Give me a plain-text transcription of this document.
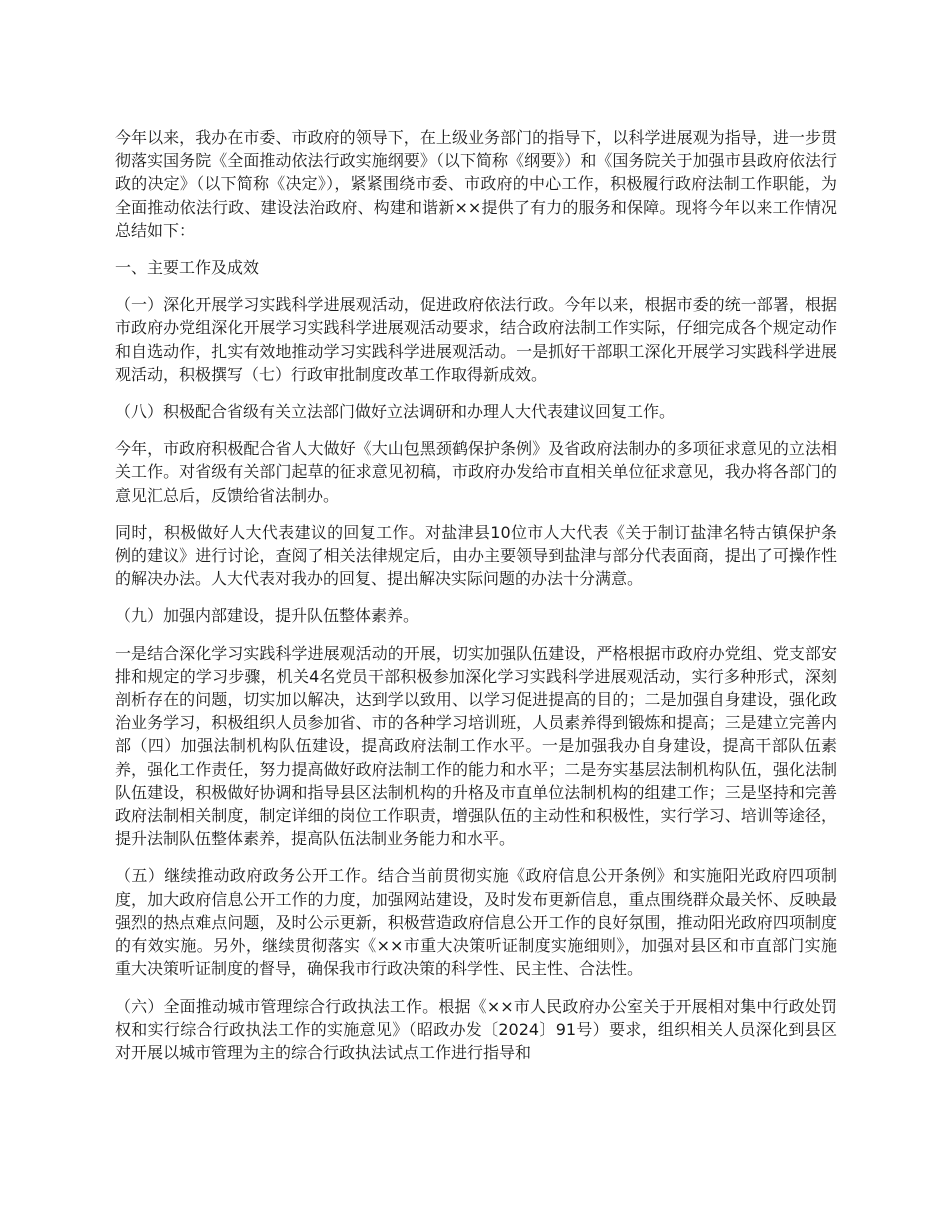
今年以来，我办在市委、市政府的领导下，在上级业务部门的指导下，以科学进展观为指导，进一步贯彻落实国务院《全面推动依法行政实施纲要》（以下简称《纲要》）和《国务院关于加强市县政府依法行政的决定》（以下简称《决定》），紧紧围绕市委、市政府的中心工作，积极履行政府法制工作职能，为全面推动依法行政、建设法治政府、构建和谐新××提供了有力的服务和保障。现将今年以来工作情况总结如下：

一、主要工作及成效

（一）深化开展学习实践科学进展观活动，促进政府依法行政。今年以来，根据市委的统一部署，根据市政府办党组深化开展学习实践科学进展观活动要求，结合政府法制工作实际，仔细完成各个规定动作和自选动作，扎实有效地推动学习实践科学进展观活动。一是抓好干部职工深化开展学习实践科学进展观活动，积极撰写（七）行政审批制度改革工作取得新成效。

（八）积极配合省级有关立法部门做好立法调研和办理人大代表建议回复工作。

今年，市政府积极配合省人大做好《大山包黑颈鹤保护条例》及省政府法制办的多项征求意见的立法相关工作。对省级有关部门起草的征求意见初稿，市政府办发给市直相关单位征求意见，我办将各部门的意见汇总后，反馈给省法制办。

同时，积极做好人大代表建议的回复工作。对盐津县10位市人大代表《关于制订盐津名特古镇保护条例的建议》进行讨论，查阅了相关法律规定后，由办主要领导到盐津与部分代表面商，提出了可操作性的解决办法。人大代表对我办的回复、提出解决实际问题的办法十分满意。

（九）加强内部建设，提升队伍整体素养。

一是结合深化学习实践科学进展观活动的开展，切实加强队伍建设，严格根据市政府办党组、党支部安排和规定的学习步骤，机关4名党员干部积极参加深化学习实践科学进展观活动，实行多种形式，深刻剖析存在的问题，切实加以解决，达到学以致用、以学习促进提高的目的；二是加强自身建设，强化政治业务学习，积极组织人员参加省、市的各种学习培训班，人员素养得到锻炼和提高；三是建立完善内部（四）加强法制机构队伍建设，提高政府法制工作水平。一是加强我办自身建设，提高干部队伍素养，强化工作责任，努力提高做好政府法制工作的能力和水平；二是夯实基层法制机构队伍，强化法制队伍建设，积极做好协调和指导县区法制机构的升格及市直单位法制机构的组建工作；三是坚持和完善政府法制相关制度，制定详细的岗位工作职责，增强队伍的主动性和积极性，实行学习、培训等途径，提升法制队伍整体素养，提高队伍法制业务能力和水平。

（五）继续推动政府政务公开工作。结合当前贯彻实施《政府信息公开条例》和实施阳光政府四项制度，加大政府信息公开工作的力度，加强网站建设，及时发布更新信息，重点围绕群众最关怀、反映最强烈的热点难点问题，及时公示更新，积极营造政府信息公开工作的良好氛围，推动阳光政府四项制度的有效实施。另外，继续贯彻落实《××市重大决策听证制度实施细则》，加强对县区和市直部门实施重大决策听证制度的督导，确保我市行政决策的科学性、民主性、合法性。

（六）全面推动城市管理综合行政执法工作。根据《××市人民政府办公室关于开展相对集中行政处罚权和实行综合行政执法工作的实施意见》（昭政办发〔2024〕91号）要求，组织相关人员深化到县区对开展以城市管理为主的综合行政执法试点工作进行指导和
